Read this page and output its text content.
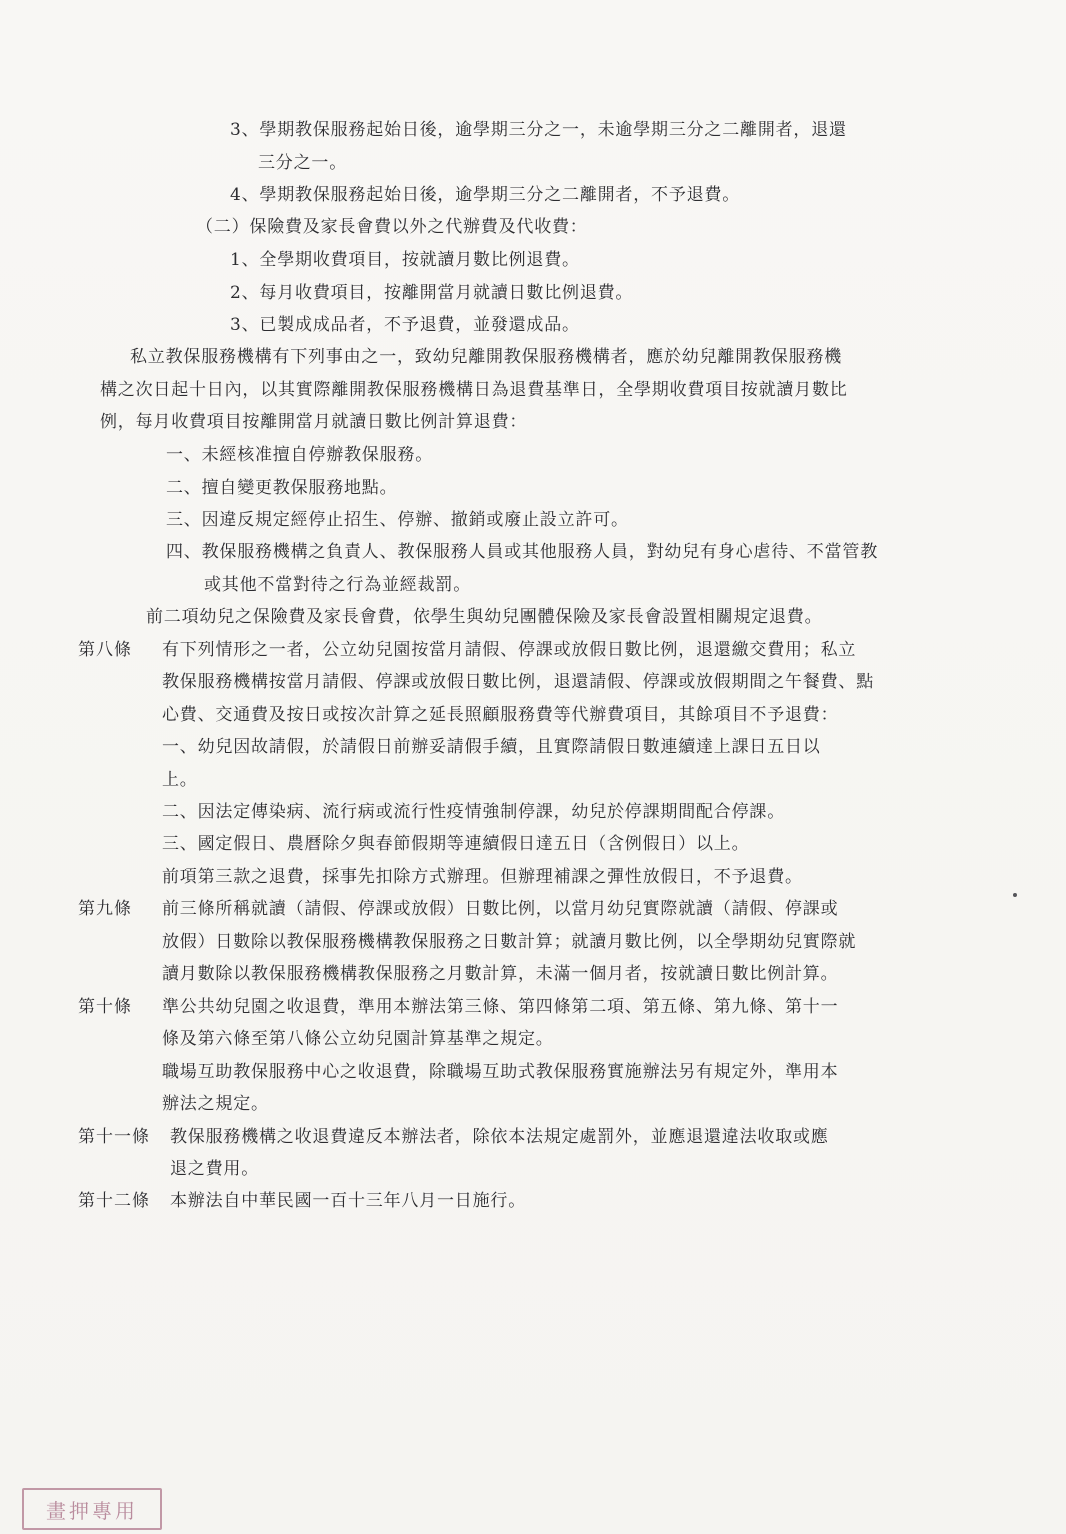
3、學期教保服務起始日後，逾學期三分之一，未逾學期三分之二離開者，退還
三分之一。
4、學期教保服務起始日後，逾學期三分之二離開者，不予退費。
（二）保險費及家長會費以外之代辦費及代收費：
1、全學期收費項目，按就讀月數比例退費。
2、每月收費項目，按離開當月就讀日數比例退費。
3、已製成成品者，不予退費，並發還成品。
私立教保服務機構有下列事由之一，致幼兒離開教保服務機構者，應於幼兒離開教保服務機
構之次日起十日內，以其實際離開教保服務機構日為退費基準日，全學期收費項目按就讀月數比
例，每月收費項目按離開當月就讀日數比例計算退費：
一、未經核准擅自停辦教保服務。
二、擅自變更教保服務地點。
三、因違反規定經停止招生、停辦、撤銷或廢止設立許可。
四、教保服務機構之負責人、教保服務人員或其他服務人員，對幼兒有身心虐待、不當管教
或其他不當對待之行為並經裁罰。
前二項幼兒之保險費及家長會費，依學生與幼兒團體保險及家長會設置相關規定退費。
第八條 有下列情形之一者，公立幼兒園按當月請假、停課或放假日數比例，退還繳交費用；私立
教保服務機構按當月請假、停課或放假日數比例，退還請假、停課或放假期間之午餐費、點
心費、交通費及按日或按次計算之延長照顧服務費等代辦費項目，其餘項目不予退費：
一、幼兒因故請假，於請假日前辦妥請假手續，且實際請假日數連續達上課日五日以
上。
二、因法定傳染病、流行病或流行性疫情強制停課，幼兒於停課期間配合停課。
三、國定假日、農曆除夕與春節假期等連續假日達五日（含例假日）以上。
前項第三款之退費，採事先扣除方式辦理。但辦理補課之彈性放假日，不予退費。
第九條 前三條所稱就讀（請假、停課或放假）日數比例，以當月幼兒實際就讀（請假、停課或
放假）日數除以教保服務機構教保服務之日數計算；就讀月數比例，以全學期幼兒實際就
讀月數除以教保服務機構教保服務之月數計算，未滿一個月者，按就讀日數比例計算。
第十條 準公共幼兒園之收退費，準用本辦法第三條、第四條第二項、第五條、第九條、第十一
條及第六條至第八條公立幼兒園計算基準之規定。
職場互助教保服務中心之收退費，除職場互助式教保服務實施辦法另有規定外，準用本
辦法之規定。
第十一條 教保服務機構之收退費違反本辦法者，除依本法規定處罰外，並應退還違法收取或應
退之費用。
第十二條 本辦法自中華民國一百十三年八月一日施行。
畫押專用
